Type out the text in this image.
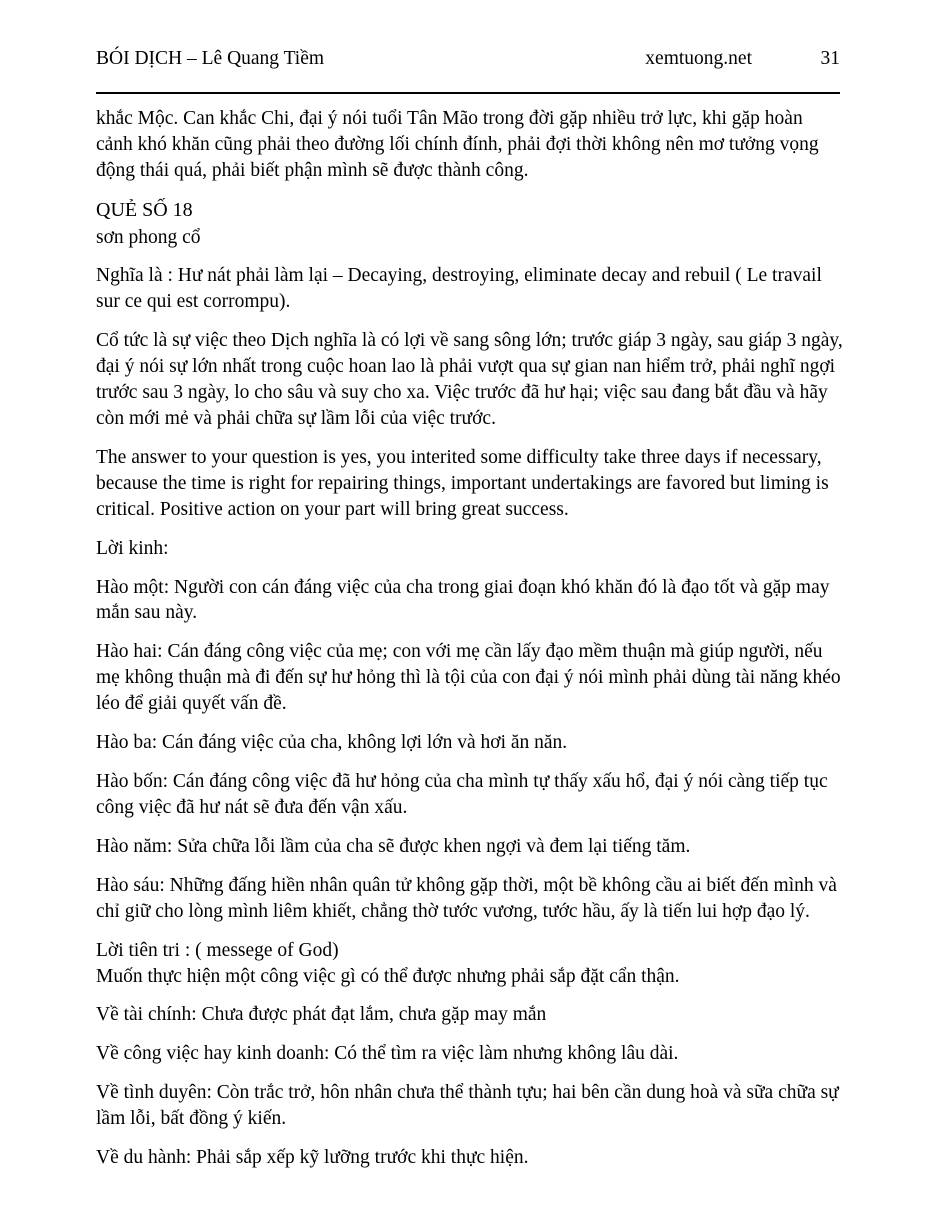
BÓI DỊCH – Lê Quang Tiềm	xemtuong.net	31

khắc Mộc. Can khắc Chi, đại ý nói tuổi Tân Mão trong đời gặp nhiều trở lực, khi gặp hoàn cảnh khó khăn cũng phải theo đường lối chính đính, phải đợi thời không nên mơ tưởng vọng động thái quá, phải biết phận mình sẽ được thành công.

QUẺ SỐ 18

sơn phong cổ

Nghĩa là : Hư nát phải làm lại – Decaying, destroying, eliminate decay and rebuil ( Le travail sur ce qui est corrompu).

Cổ tức là sự việc theo Dịch nghĩa là có lợi về sang sông lớn; trước giáp 3 ngày, sau giáp 3 ngày, đại ý nói sự lớn nhất trong cuộc hoan lao là phải vượt qua sự gian nan hiểm trở, phải nghĩ ngợi trước sau 3 ngày, lo cho sâu và suy cho xa. Việc trước đã hư hại; việc sau đang bắt đầu và hãy còn mới mẻ và phải chữa sự lầm lỗi của việc trước.

The answer to your question is yes, you interited some difficulty take three days if necessary, because the time is right for repairing things, important undertakings are favored but liming is critical. Positive action on your part will bring great success.

Lời kinh:

Hào một: Người con cán đáng việc của cha trong giai đoạn khó khăn đó là đạo tốt và gặp may mắn sau này.

Hào hai: Cán đáng công việc của mẹ; con với mẹ cần lấy đạo mềm thuận mà giúp người, nếu mẹ không thuận mà đi đến sự hư hỏng thì là tội của con đại ý nói mình phải dùng tài năng khéo léo để giải quyết vấn đề.

Hào ba: Cán đáng việc của cha, không lợi lớn và hơi ăn năn.

Hào bốn: Cán đáng công việc đã hư hỏng của cha mình tự thấy xấu hổ, đại ý nói càng tiếp tục công việc đã hư nát sẽ đưa đến vận xấu.

Hào năm: Sửa chữa lỗi lầm của cha sẽ được khen ngợi và đem lại tiếng tăm.

Hào sáu: Những đấng hiền nhân quân tử không gặp thời, một bề không cầu ai biết đến mình và chỉ giữ cho lòng mình liêm khiết, chẳng thờ tước vương, tước hầu, ấy là tiến lui hợp đạo lý.

Lời tiên tri : ( messege of God)

Muốn thực hiện một công việc gì có thể được nhưng phải sắp đặt cẩn thận.

Về tài chính: Chưa được phát đạt lắm, chưa gặp may mắn

Về công việc hay kinh doanh: Có thể tìm ra việc làm nhưng không lâu dài.

Về tình duyên: Còn trắc trở, hôn nhân chưa thể thành tựu; hai bên cần dung hoà và sữa chữa sự lầm lỗi, bất đồng ý kiến.

Về du hành: Phải sắp xếp kỹ lưỡng trước khi thực hiện.
